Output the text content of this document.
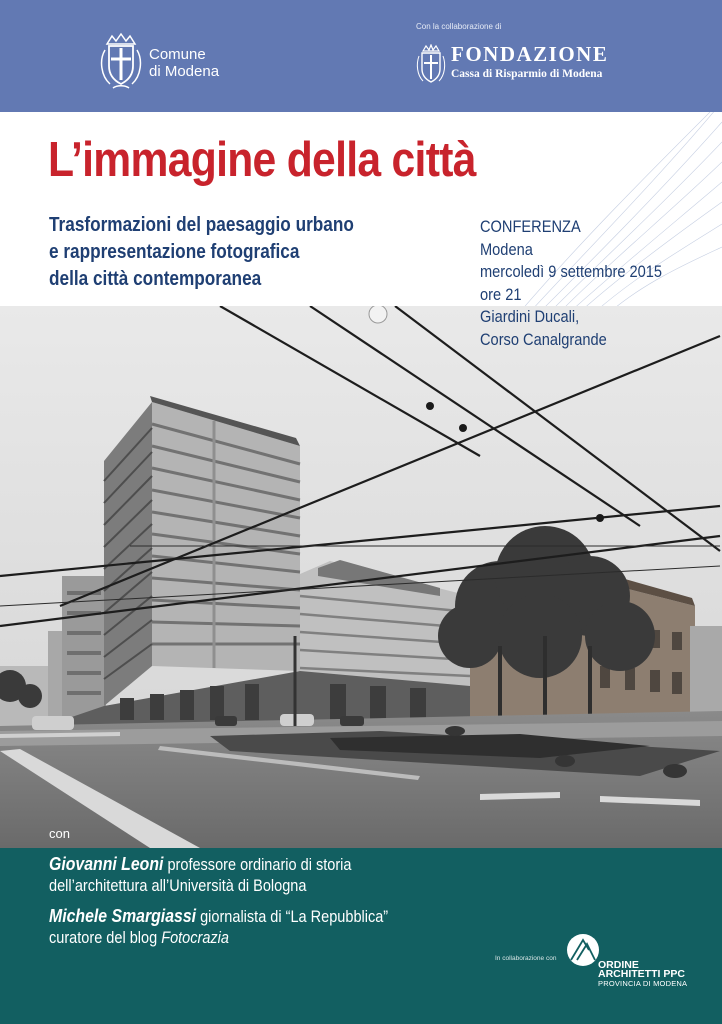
Comune
di Modena
Con la collaborazione di
FONDAZIONE
Cassa di Risparmio di Modena
L’immagine della città
Trasformazioni del paesaggio urbano
e rappresentazione fotografica
della città contemporanea
CONFERENZA
Modena
mercoledì 9 settembre 2015
ore 21
Giardini Ducali,
Corso Canalgrande
con
Giovanni Leoni professore ordinario di storia
dell’architettura all’Università di Bologna
Michele Smargiassi giornalista di “La Repubblica”
curatore del blog Fotocrazia
In collaborazione con
ORDINE
ARCHITETTI PPC
PROVINCIA DI MODENA
